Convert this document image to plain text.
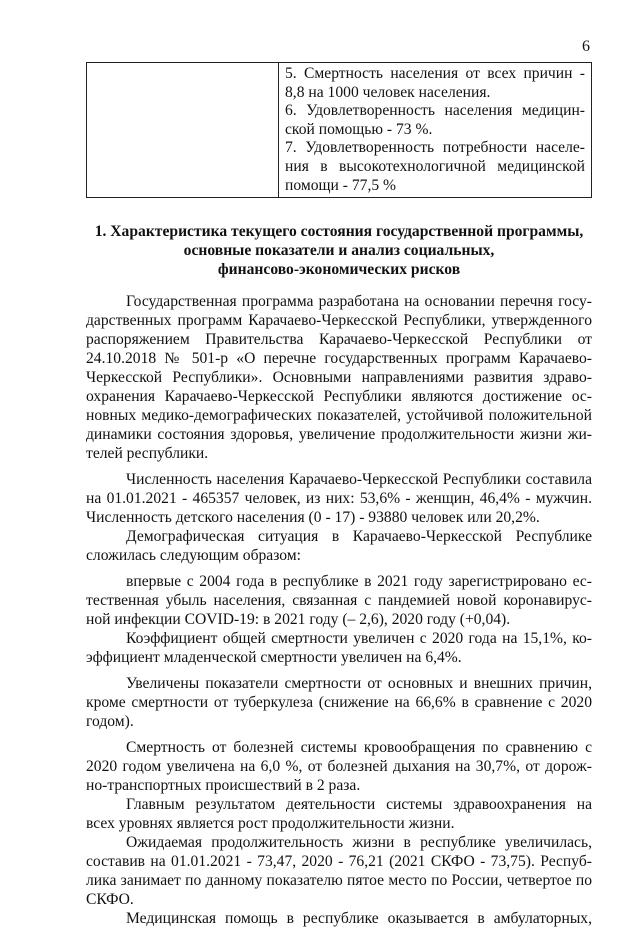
6

5. Смертность населения от всех причин -
8,8 на 1000 человек населения.
6. Удовлетворенность населения медицин-
ской помощью - 73 %.
7. Удовлетворенность потребности населе-
ния в высокотехнологичной медицинской
помощи - 77,5 %
1. Характеристика текущего состояния государственной программы,
основные показатели и анализ социальных,
финансово-экономических рисков
Государственная программа разработана на основании перечня госу-
дарственных программ Карачаево-Черкесской Республики, утвержденного
распоряжением Правительства Карачаево-Черкесской Республики от
24.10.2018 № 501-р «О перечне государственных программ Карачаево-
Черкесской Республики». Основными направлениями развития здраво-
охранения Карачаево-Черкесской Республики являются достижение ос-
новных медико-демографических показателей, устойчивой положительной
динамики состояния здоровья, увеличение продолжительности жизни жи-
телей республики.
Численность населения Карачаево-Черкесской Республики составила
на 01.01.2021 - 465357 человек, из них: 53,6% - женщин, 46,4% - мужчин.
Численность детского населения (0 - 17) - 93880 человек или 20,2%.
Демографическая ситуация в Карачаево-Черкесской Республике
сложилась следующим образом:
впервые с 2004 года в республике в 2021 году зарегистрировано ес-
тественная убыль населения, связанная с пандемией новой коронавирус-
ной инфекции COVID-19: в 2021 году (– 2,6), 2020 году (+0,04).
Коэффициент общей смертности увеличен с 2020 года на 15,1%, ко-
эффициент младенческой смертности увеличен на 6,4%.
Увеличены показатели смертности от основных и внешних причин,
кроме смертности от туберкулеза (снижение на 66,6% в сравнение с 2020
годом).
Смертность от болезней системы кровообращения по сравнению с
2020 годом увеличена на 6,0 %, от болезней дыхания на 30,7%, от дорож-
но-транспортных происшествий в 2 раза.
Главным результатом деятельности системы здравоохранения на
всех уровнях является рост продолжительности жизни.
Ожидаемая продолжительность жизни в республике увеличилась,
составив на 01.01.2021 - 73,47, 2020 - 76,21 (2021 СКФО - 73,75). Респуб-
лика занимает по данному показателю пятое место по России, четвертое по
СКФО.
Медицинская помощь в республике оказывается в амбулаторных,
